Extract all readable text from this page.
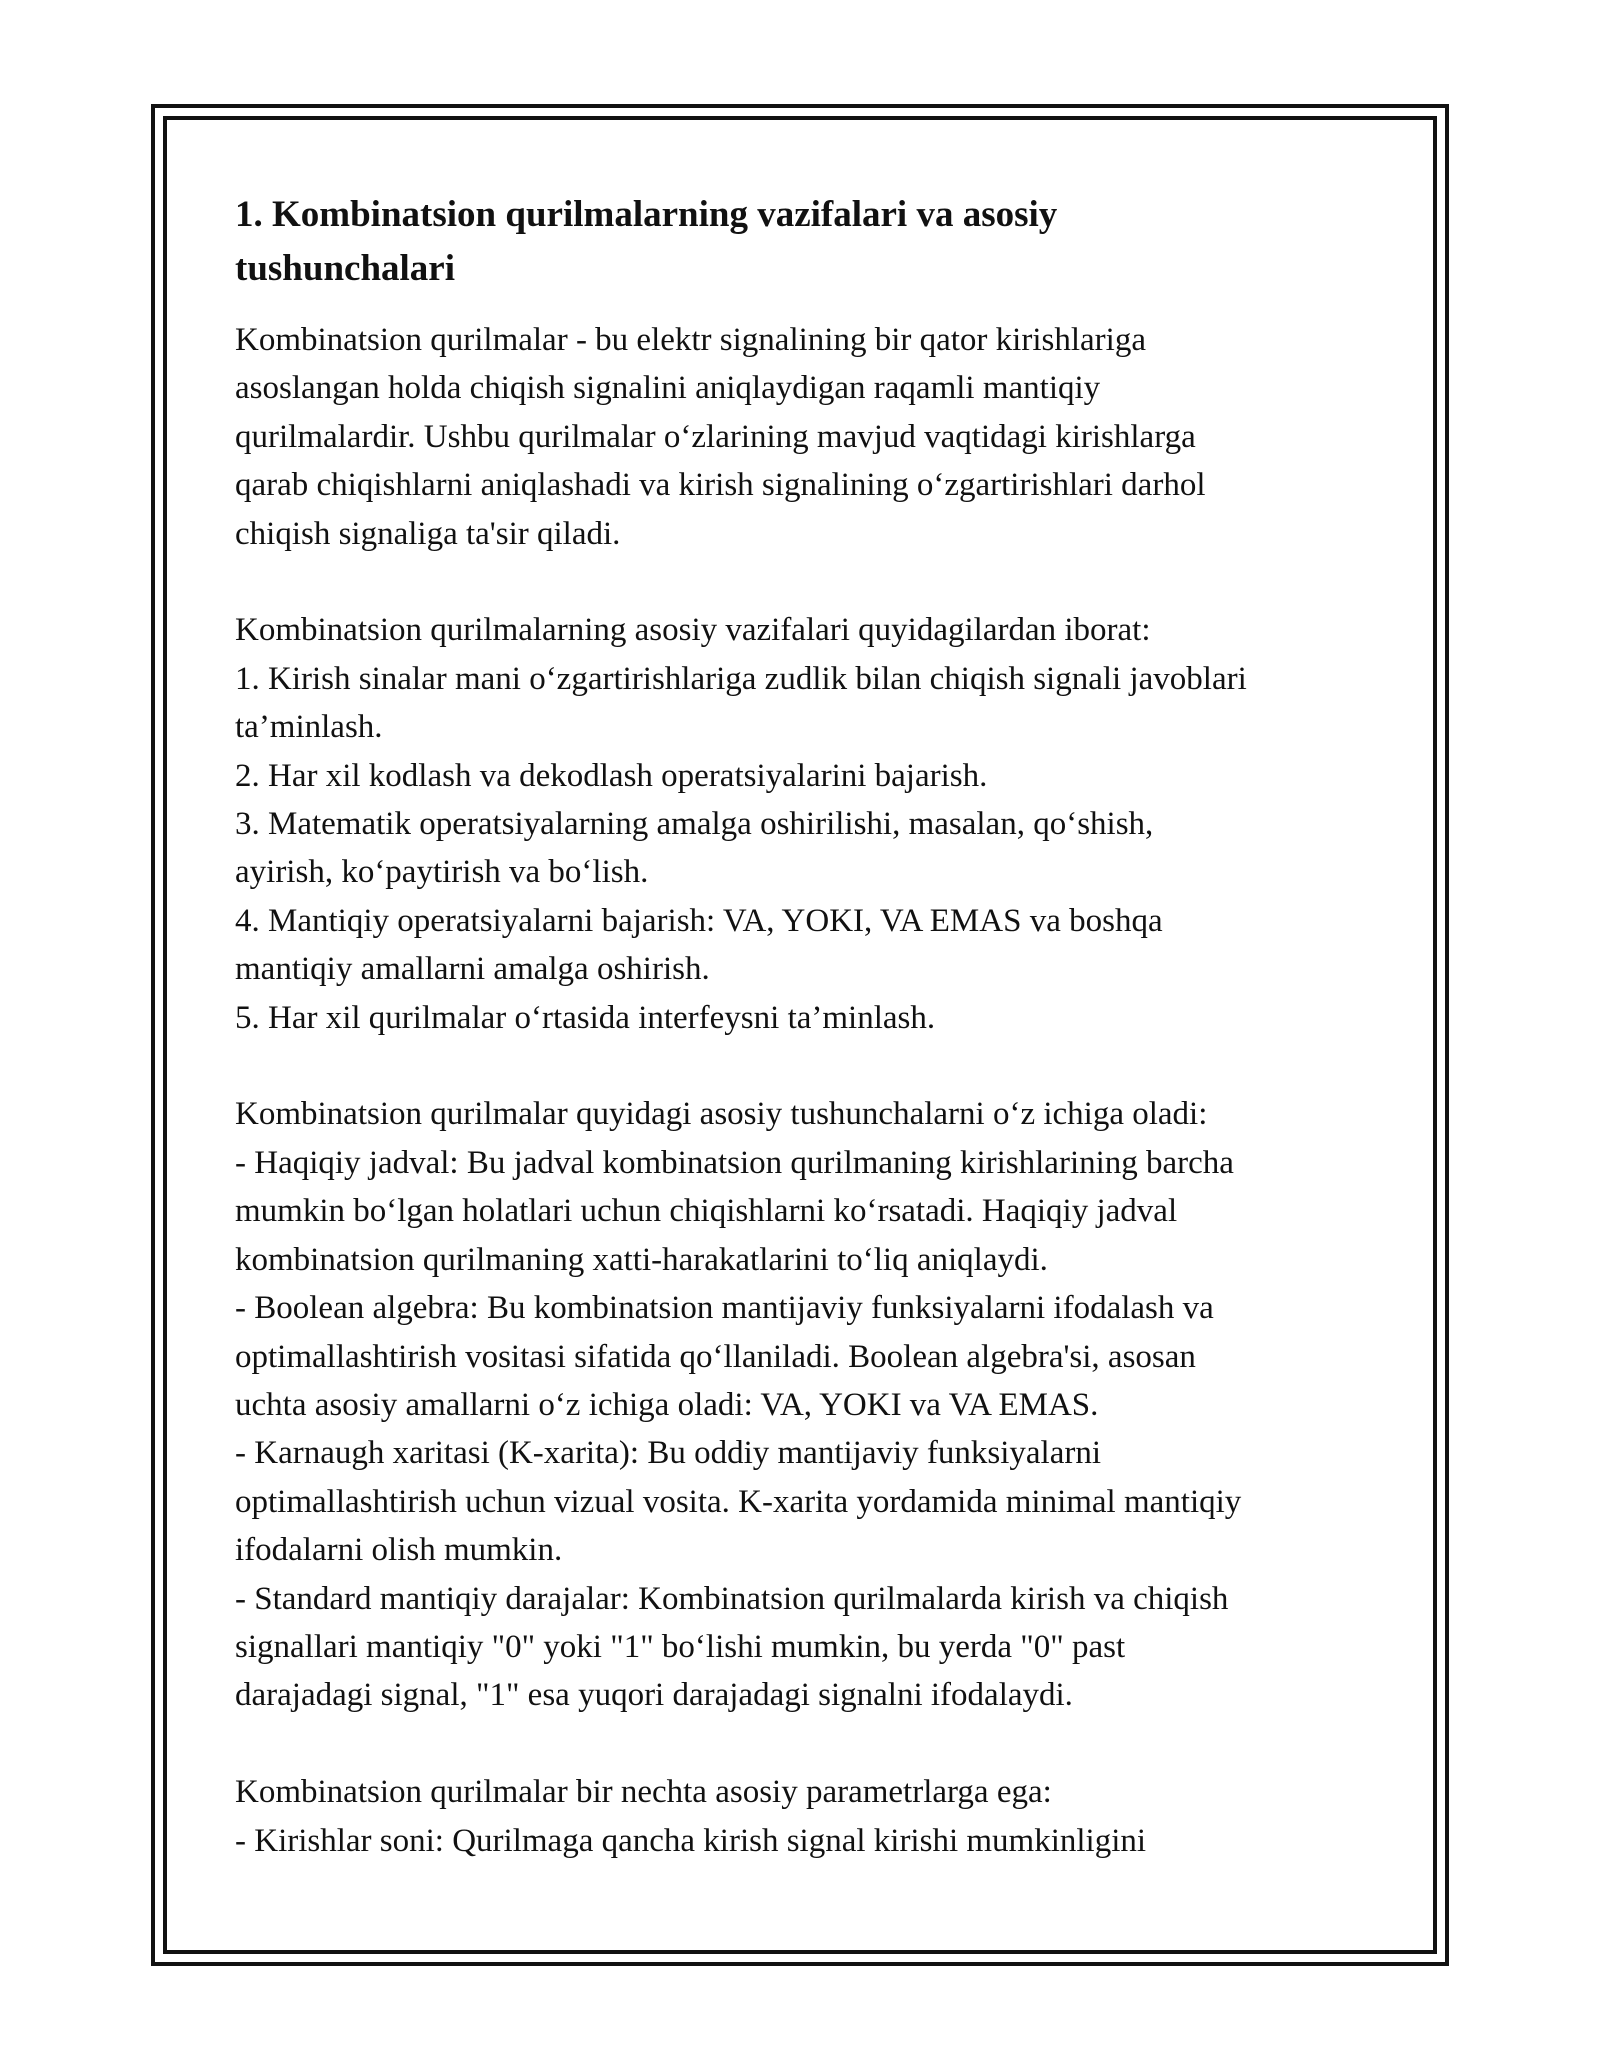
1. Kombinatsion qurilmalarning vazifalari va asosiy
tushunchalari

Kombinatsion qurilmalar - bu elektr signalining bir qator kirishlariga

asoslangan holda chiqish signalini aniqlaydigan raqamli mantiqiy

qurilmalardir. Ushbu qurilmalar o‘zlarining mavjud vaqtidagi kirishlarga

qarab chiqishlarni aniqlashadi va kirish signalining o‘zgartirishlari darhol

chiqish signaliga ta'sir qiladi.

Kombinatsion qurilmalarning asosiy vazifalari quyidagilardan iborat:

1. Kirish sinalar mani o‘zgartirishlariga zudlik bilan chiqish signali javoblari

ta’minlash.

2. Har xil kodlash va dekodlash operatsiyalarini bajarish.

3. Matematik operatsiyalarning amalga oshirilishi, masalan, qo‘shish,

ayirish, ko‘paytirish va bo‘lish.

4. Mantiqiy operatsiyalarni bajarish: VA, YOKI, VA EMAS va boshqa

mantiqiy amallarni amalga oshirish.

5. Har xil qurilmalar o‘rtasida interfeysni ta’minlash.

Kombinatsion qurilmalar quyidagi asosiy tushunchalarni o‘z ichiga oladi:

- Haqiqiy jadval: Bu jadval kombinatsion qurilmaning kirishlarining barcha

mumkin bo‘lgan holatlari uchun chiqishlarni ko‘rsatadi. Haqiqiy jadval

kombinatsion qurilmaning xatti-harakatlarini to‘liq aniqlaydi.

- Boolean algebra: Bu kombinatsion mantijaviy funksiyalarni ifodalash va

optimallashtirish vositasi sifatida qo‘llaniladi. Boolean algebra'si, asosan

uchta asosiy amallarni o‘z ichiga oladi: VA, YOKI va VA EMAS.

- Karnaugh xaritasi (K-xarita): Bu oddiy mantijaviy funksiyalarni

optimallashtirish uchun vizual vosita. K-xarita yordamida minimal mantiqiy

ifodalarni olish mumkin.

- Standard mantiqiy darajalar: Kombinatsion qurilmalarda kirish va chiqish

signallari mantiqiy "0" yoki "1" bo‘lishi mumkin, bu yerda "0" past

darajadagi signal, "1" esa yuqori darajadagi signalni ifodalaydi.

Kombinatsion qurilmalar bir nechta asosiy parametrlarga ega:

- Kirishlar soni: Qurilmaga qancha kirish signal kirishi mumkinligini
